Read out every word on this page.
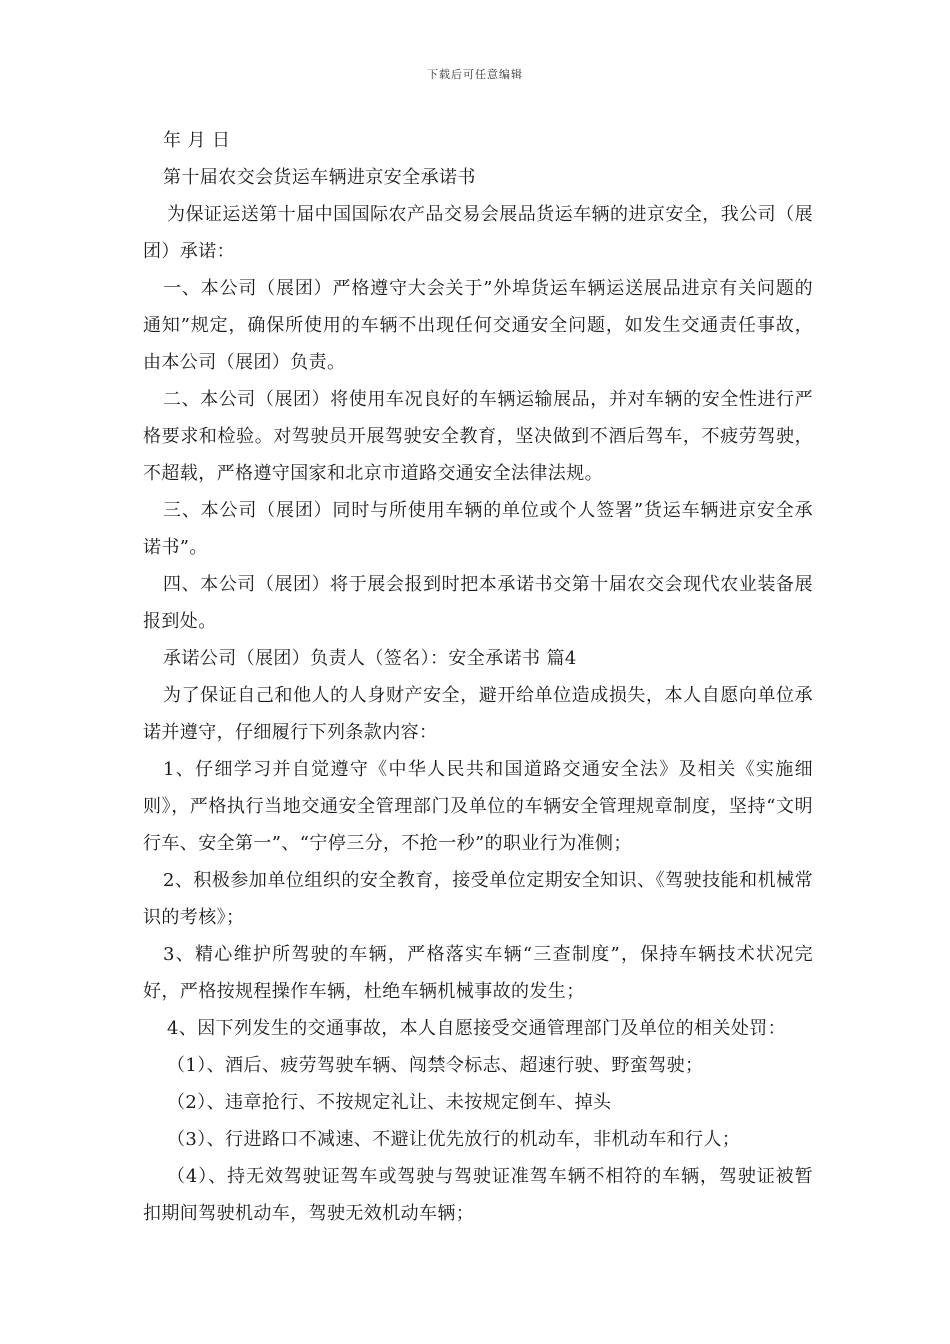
下载后可任意编辑

年 月 日

第十届农交会货运车辆进京安全承诺书

为保证运送第十届中国国际农产品交易会展品货运车辆的进京安全，我公司（展团）承诺：

一、本公司（展团）严格遵守大会关于”外埠货运车辆运送展品进京有关问题的通知”规定，确保所使用的车辆不出现任何交通安全问题，如发生交通责任事故，由本公司（展团）负责。

二、本公司（展团）将使用车况良好的车辆运输展品，并对车辆的安全性进行严格要求和检验。对驾驶员开展驾驶安全教育，坚决做到不酒后驾车，不疲劳驾驶，不超载，严格遵守国家和北京市道路交通安全法律法规。

三、本公司（展团）同时与所使用车辆的单位或个人签署”货运车辆进京安全承诺书”。

四、本公司（展团）将于展会报到时把本承诺书交第十届农交会现代农业装备展报到处。

承诺公司（展团）负责人（签名）：安全承诺书 篇4

为了保证自己和他人的人身财产安全，避开给单位造成损失，本人自愿向单位承诺并遵守，仔细履行下列条款内容：

1、仔细学习并自觉遵守《中华人民共和国道路交通安全法》及相关《实施细则》，严格执行当地交通安全管理部门及单位的车辆安全管理规章制度，坚持“文明行车、安全第一”、“宁停三分，不抢一秒”的职业行为准侧；

2、积极参加单位组织的安全教育，接受单位定期安全知识、《驾驶技能和机械常识的考核》；

3、精心维护所驾驶的车辆，严格落实车辆“三查制度”，保持车辆技术状况完好，严格按规程操作车辆，杜绝车辆机械事故的发生；

4、因下列发生的交通事故，本人自愿接受交通管理部门及单位的相关处罚：

（1）、酒后、疲劳驾驶车辆、闯禁令标志、超速行驶、野蛮驾驶；

（2）、违章抢行、不按规定礼让、未按规定倒车、掉头

（3）、行进路口不减速、不避让优先放行的机动车，非机动车和行人；

（4）、持无效驾驶证驾车或驾驶与驾驶证准驾车辆不相符的车辆，驾驶证被暂扣期间驾驶机动车，驾驶无效机动车辆；
